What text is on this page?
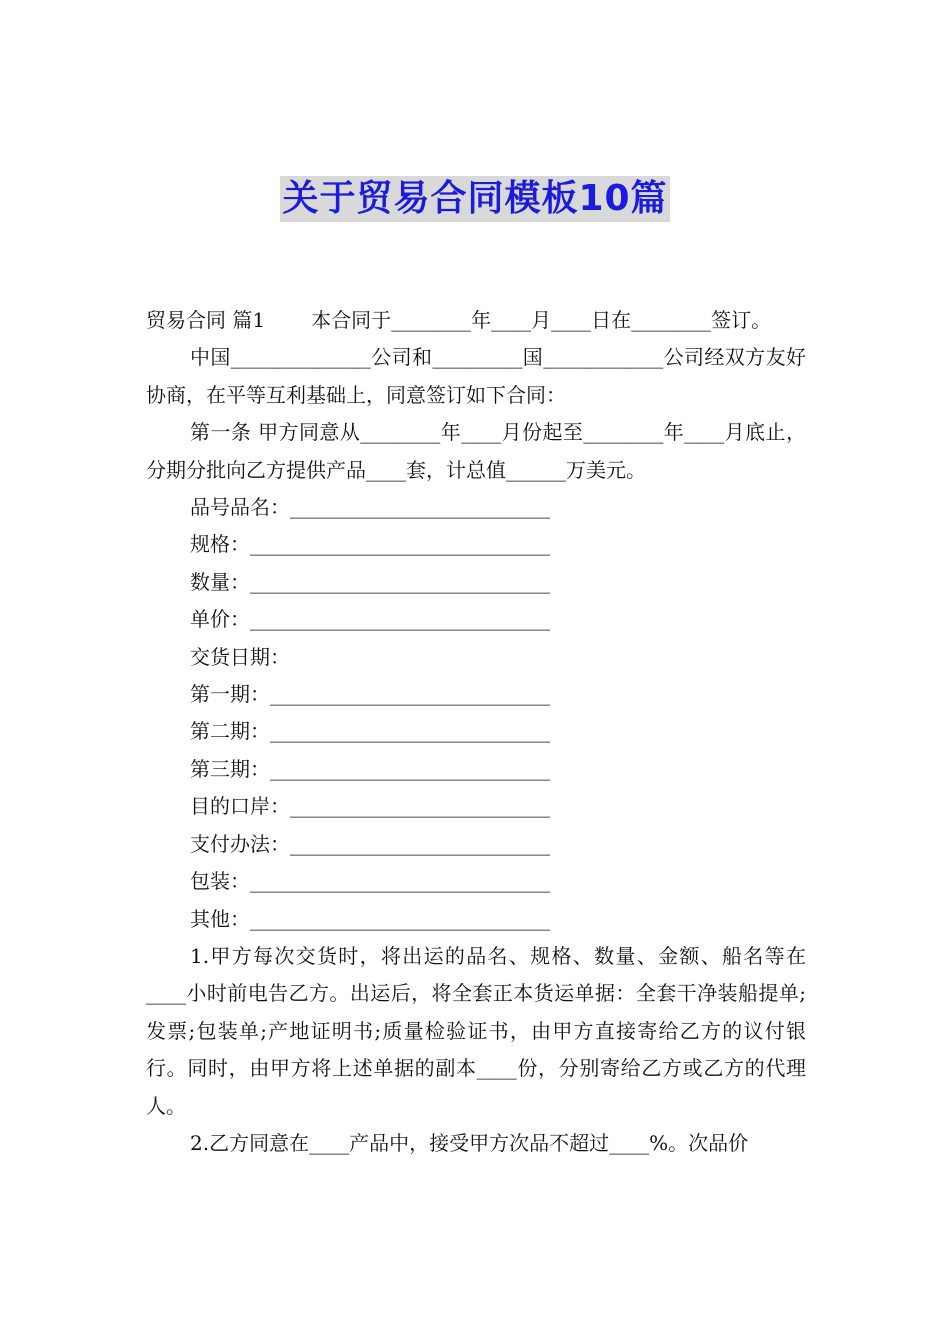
关于贸易合同模板10篇

贸易合同 篇1 本合同于________年____月____日在________签订。

中国______________公司和_________国____________公司经双方友好协商，在平等互利基础上，同意签订如下合同：

第一条 甲方同意从________年____月份起至________年____月底止，分期分批向乙方提供产品____套，计总值______万美元。

品号品名：__________________________

规格：______________________________

数量：______________________________

单价：______________________________

交货日期：

第一期：____________________________

第二期：____________________________

第三期：____________________________

目的口岸：__________________________

支付办法：__________________________

包装：______________________________

其他：______________________________

1.甲方每次交货时，将出运的品名、规格、数量、金额、船名等在____小时前电告乙方。出运后，将全套正本货运单据：全套干净装船提单;发票;包装单;产地证明书;质量检验证书，由甲方直接寄给乙方的议付银行。同时，由甲方将上述单据的副本____份，分别寄给乙方或乙方的代理人。

2.乙方同意在____产品中，接受甲方次品不超过____%。次品价
